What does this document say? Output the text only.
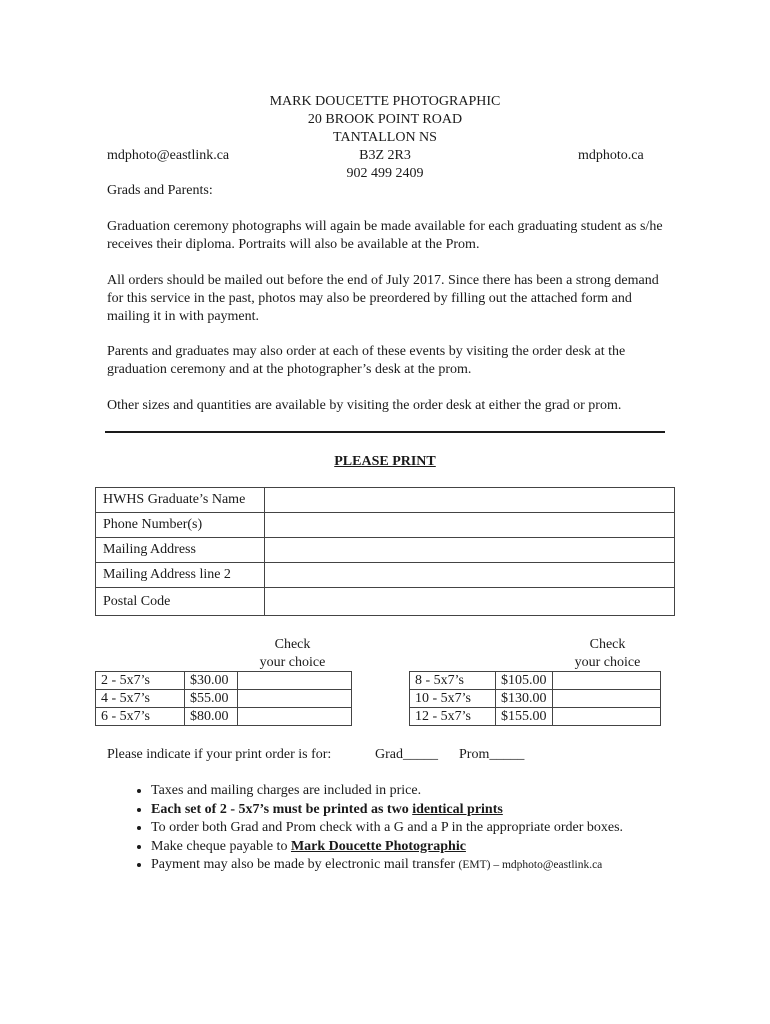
MARK DOUCETTE PHOTOGRAPHIC
20 BROOK POINT ROAD
TANTALLON NS
B3Z 2R3
902 499 2409
mdphoto@eastlink.ca	mdphoto.ca
Grads and Parents:
Graduation ceremony photographs will again be made available for each graduating student as s/he receives their diploma. Portraits will also be available at the Prom.
All orders should be mailed out before the end of July 2017. Since there has been a strong demand for this service in the past, photos may also be preordered by filling out the attached form and mailing it in with payment.
Parents and graduates may also order at each of these events by visiting the order desk at the graduation ceremony and at the photographer’s desk at the prom.
Other sizes and quantities are available by visiting the order desk at either the grad or prom.
PLEASE PRINT
HWHS Graduate’s Name	
Phone Number(s)	
Mailing Address	
Mailing Address line 2	
Postal Code	
Check
your choice
Check
your choice
2 - 5x7’s	$30.00	
4 - 5x7’s	$55.00	
6 - 5x7’s	$80.00	
8 - 5x7’s	$105.00	
10 - 5x7’s	$130.00	
12 - 5x7’s	$155.00	
Please indicate if your print order is for:	Grad_____ Prom_____
• Taxes and mailing charges are included in price.
• Each set of 2 - 5x7’s must be printed as two identical prints
• To order both Grad and Prom check with a G and a P in the appropriate order boxes.
• Make cheque payable to Mark Doucette Photographic
• Payment may also be made by electronic mail transfer (EMT) – mdphoto@eastlink.ca
